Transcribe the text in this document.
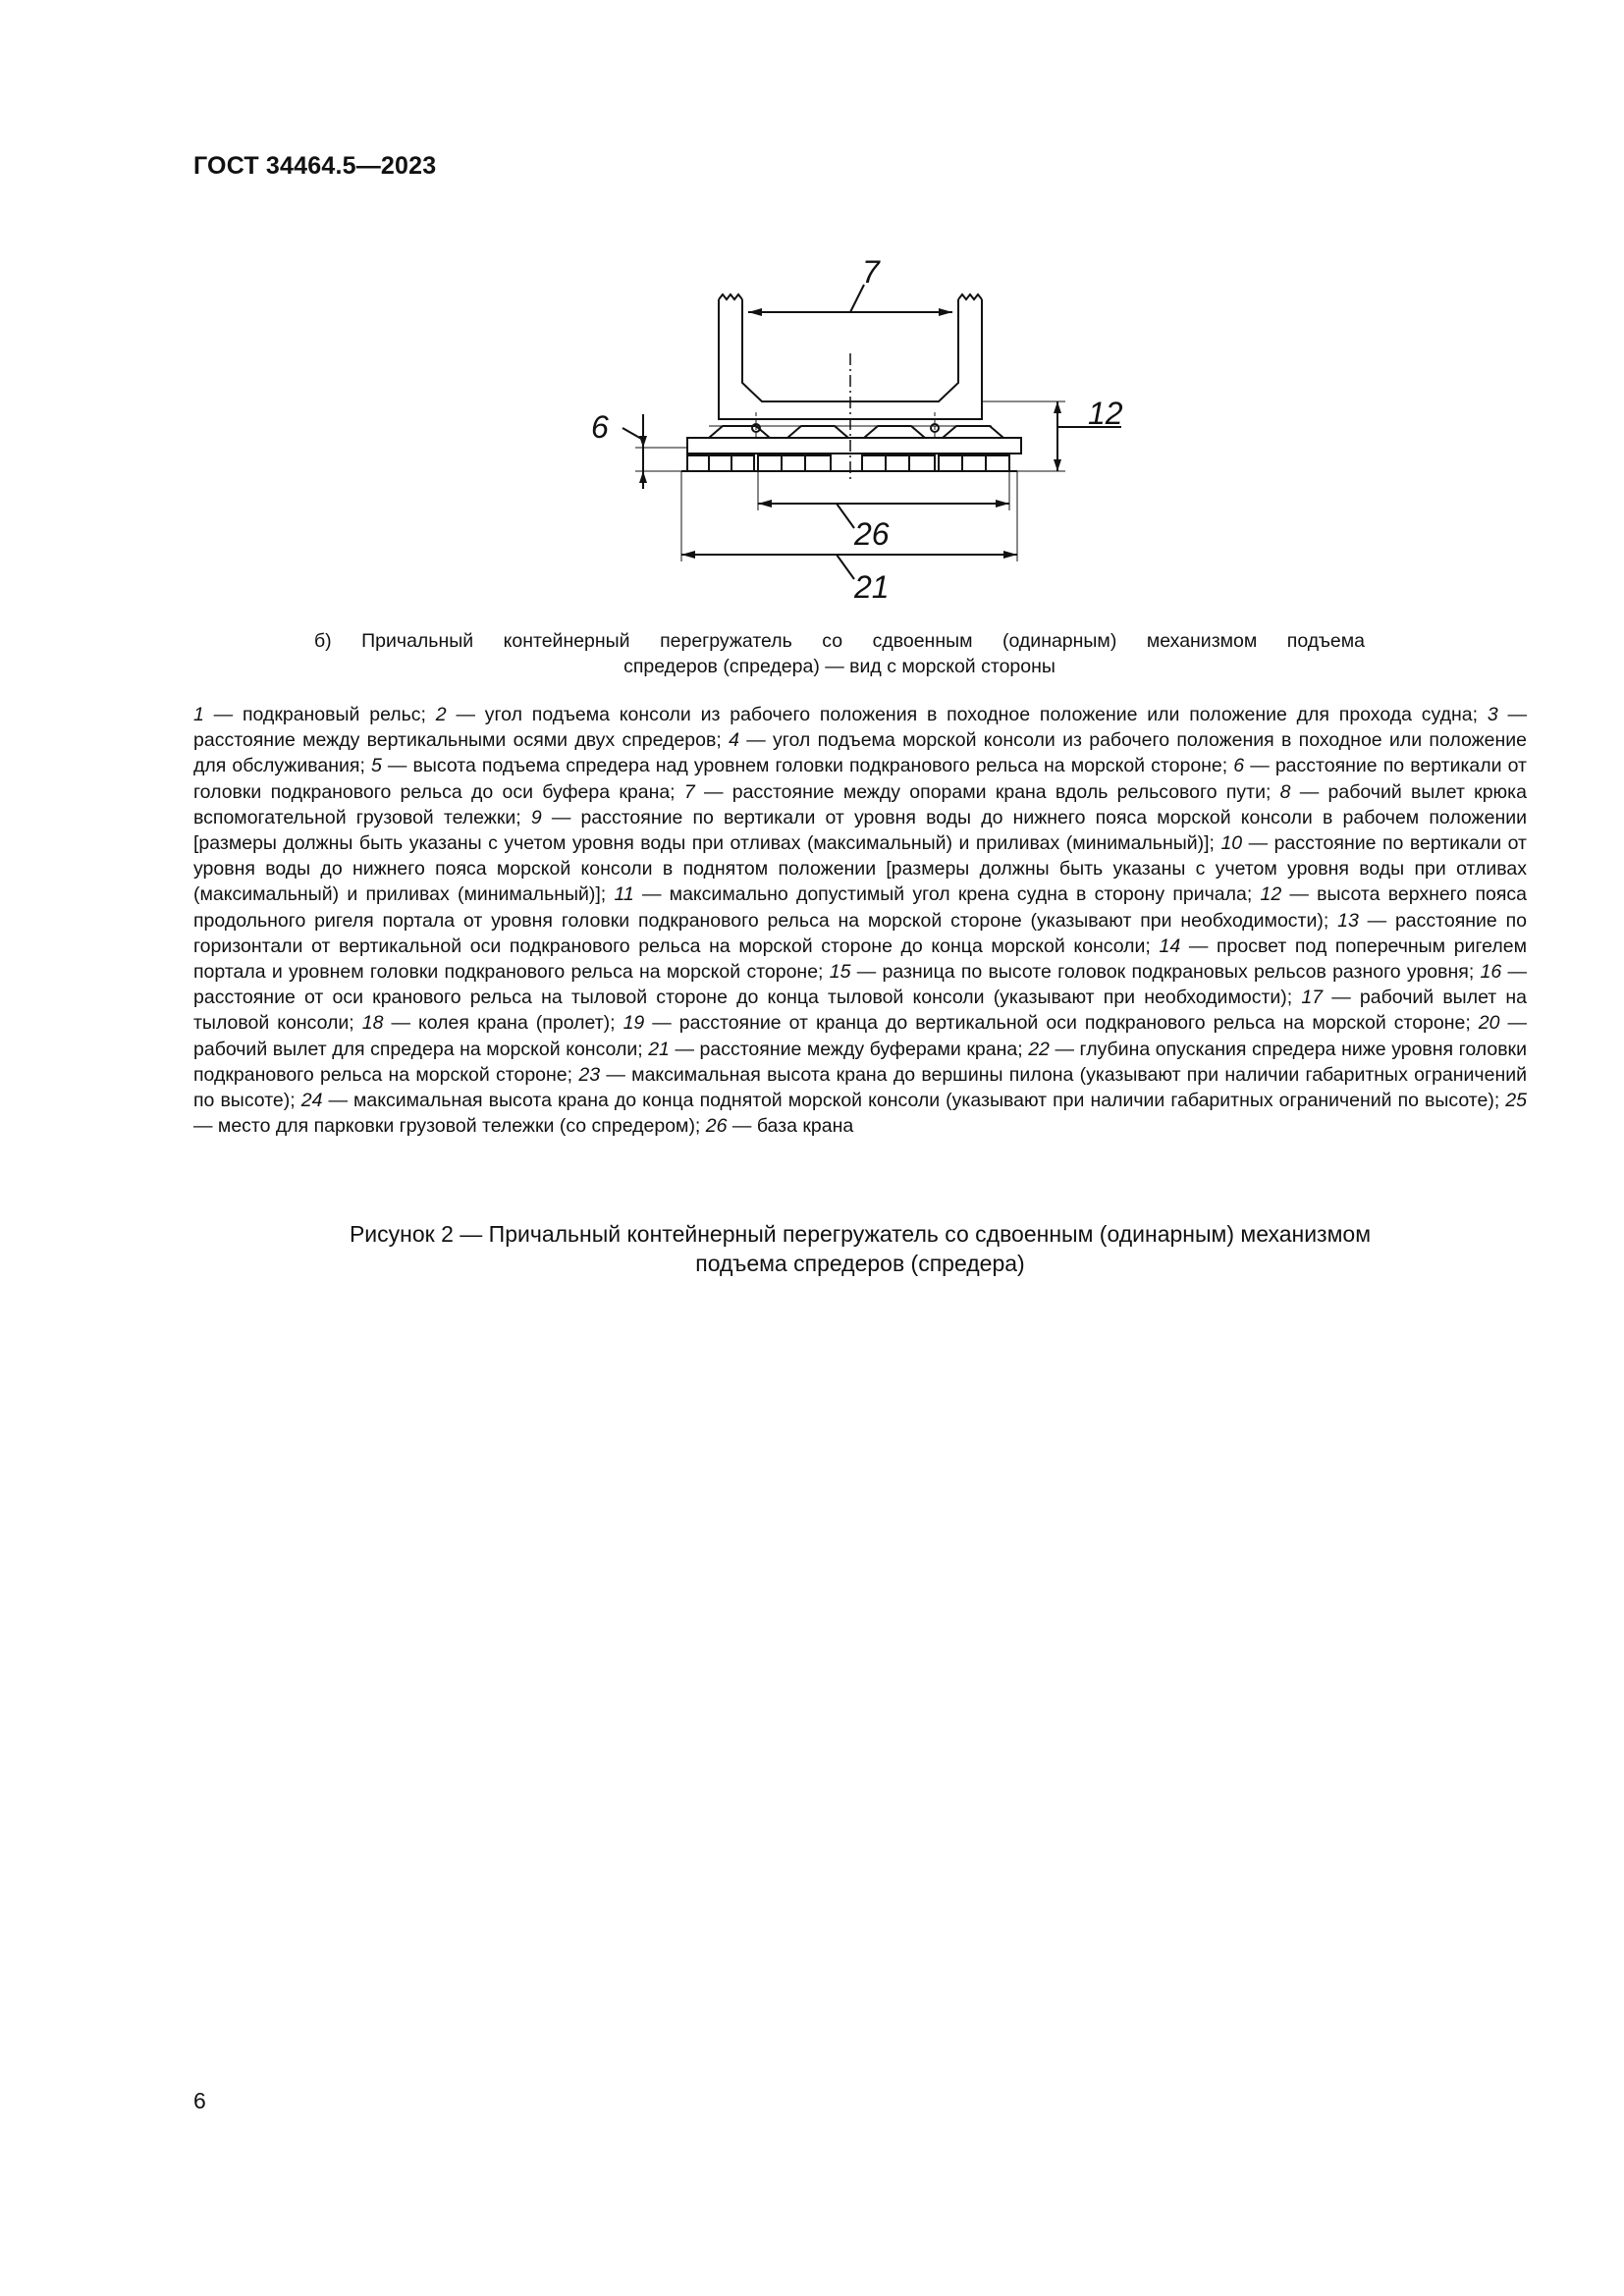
ГОСТ 34464.5—2023
7
6	12
26
21
б) Причальный контейнерный перегружатель со сдвоенным (одинарным) механизмом подъема
спредеров (спредера) — вид с морской стороны
1 — подкрановый рельс; 2 — угол подъема консоли из рабочего положения в походное положение или положение для прохода судна; 3 — расстояние между вертикальными осями двух спредеров; 4 — угол подъема морской консоли из рабочего положения в походное или положение для обслуживания; 5 — высота подъема спредера над уровнем головки подкранового рельса на морской стороне; 6 — расстояние по вертикали от головки подкранового рельса до оси буфера крана; 7 — расстояние между опорами крана вдоль рельсового пути; 8 — рабочий вылет крюка вспомогательной грузовой тележки; 9 — расстояние по вертикали от уровня воды до нижнего пояса морской консоли в рабочем положении [размеры должны быть указаны с учетом уровня воды при отливах (максимальный) и приливах (минимальный)]; 10 — расстояние по вертикали от уровня воды до нижнего пояса морской консоли в поднятом положении [размеры должны быть указаны с учетом уровня воды при отливах (максимальный) и приливах (минимальный)]; 11 — максимально допустимый угол крена судна в сторону причала; 12 — высота верхнего пояса продольного ригеля портала от уровня головки подкранового рельса на морской стороне (указывают при необходимости); 13 — расстояние по горизонтали от вертикальной оси подкранового рельса на морской стороне до конца морской консоли; 14 — просвет под поперечным ригелем портала и уровнем головки подкранового рельса на морской стороне; 15 — разница по высоте головок подкрановых рельсов разного уровня; 16 — расстояние от оси кранового рельса на тыловой стороне до конца тыловой консоли (указывают при необходимости); 17 — рабочий вылет на тыловой консоли; 18 — колея крана (пролет); 19 — расстояние от кранца до вертикальной оси подкранового рельса на морской стороне; 20 — рабочий вылет для спредера на морской консоли; 21 — расстояние между буферами крана; 22 — глубина опускания спредера ниже уровня головки подкранового рельса на морской стороне; 23 — максимальная высота крана до вершины пилона (указывают при наличии габаритных ограничений по высоте); 24 — максимальная высота крана до конца поднятой морской консоли (указывают при наличии габаритных ограничений по высоте); 25 — место для парковки грузовой тележки (со спредером); 26 — база крана
Рисунок 2 — Причальный контейнерный перегружатель со сдвоенным (одинарным) механизмом
подъема спредеров (спредера)
6
